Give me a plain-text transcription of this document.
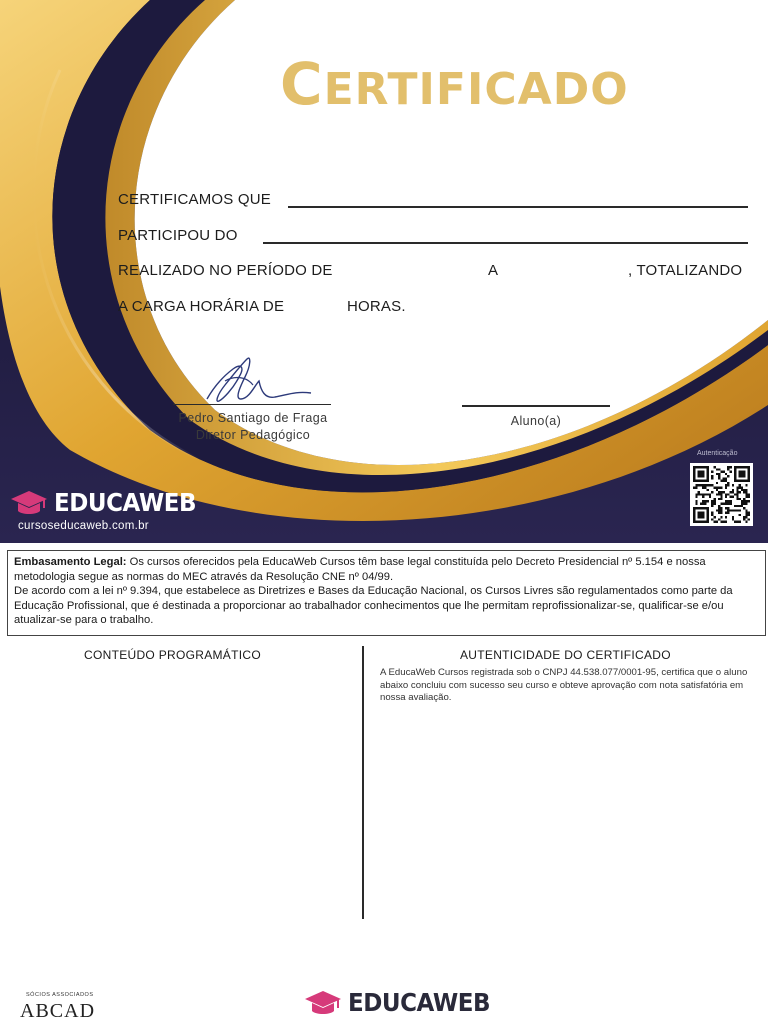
CERTIFICADO
CERTIFICAMOS QUE
PARTICIPOU DO
REALIZADO NO PERÍODO DE	A	, TOTALIZANDO
A CARGA HORÁRIA DE	HORAS.
Pedro Santiago de Fraga
Diretor Pedagógico
Aluno(a)
EDUCAWEB
cursoseducaweb.com.br
Autenticação
Embasamento Legal: Os cursos oferecidos pela EducaWeb Cursos têm base legal constituída pelo Decreto Presidencial nº 5.154 e nossa metodologia segue as normas do MEC através da Resolução CNE nº 04/99.
De acordo com a lei nº 9.394, que estabelece as Diretrizes e Bases da Educação Nacional, os Cursos Livres são regulamentados como parte da Educação Profissional, que é destinada a proporcionar ao trabalhador conhecimentos que lhe permitam reprofissionalizar-se, qualificar-se e/ou atualizar-se para o trabalho.
CONTEÚDO PROGRAMÁTICO	AUTENTICIDADE DO CERTIFICADO
A EducaWeb Cursos registrada sob o CNPJ 44.538.077/0001-95, certifica que o aluno abaixo concluiu com sucesso seu curso e obteve aprovação com nota satisfatória em nossa avaliação.
SÓCIOS ASSOCIADOS
ABCAD	EDUCAWEB
